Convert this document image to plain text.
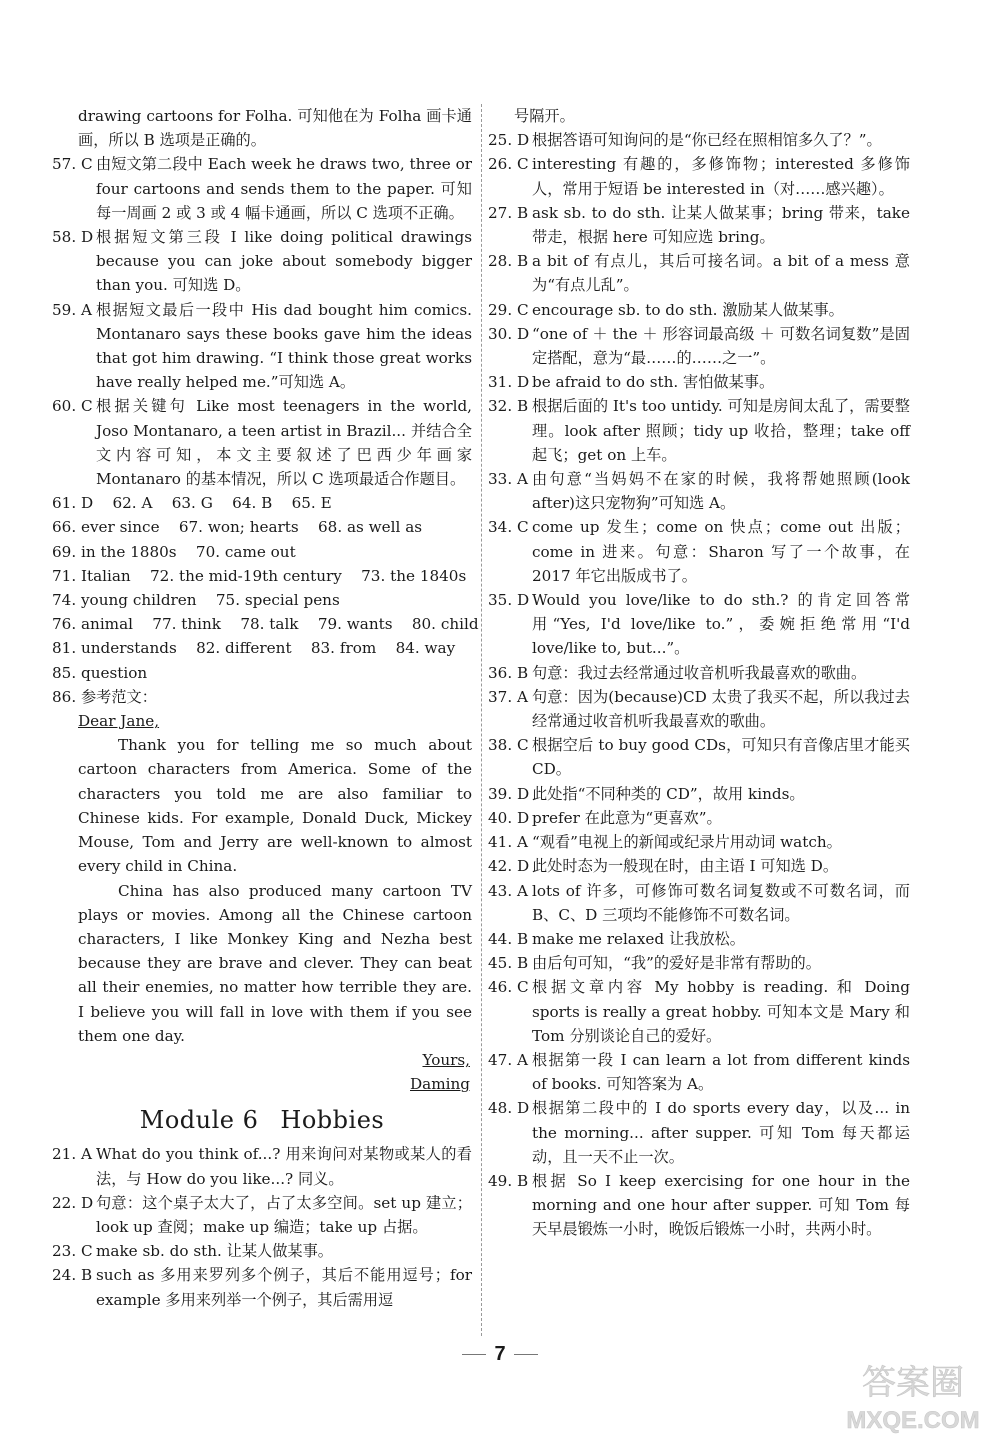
drawing cartoons for Folha. 可知他在为 Folha 画卡通画，所以 B 选项是正确的。
57. C 由短文第二段中 Each week he draws two, three or four cartoons and sends them to the paper. 可知每一周画 2 或 3 或 4 幅卡通画，所以 C 选项不正确。
58. D 根据短文第三段 I like doing political drawings because you can joke about somebody bigger than you. 可知选 D。
59. A 根据短文最后一段中 His dad bought him comics. Montanaro says these books gave him the ideas that got him drawing. “I think those great works have really helped me.”可知选 A。
60. C 根据关键句 Like most teenagers in the world, Joso Montanaro, a teen artist in Brazil... 并结合全文内容可知，本文主要叙述了巴西少年画家 Montanaro 的基本情况，所以 C 选项最适合作题目。
61. D    62. A    63. G    64. B    65. E
66. ever since    67. won; hearts    68. as well as
69. in the 1880s    70. came out
71. Italian    72. the mid-19th century    73. the 1840s
74. young children    75. special pens
76. animal    77. think    78. talk    79. wants    80. child
81. understands    82. different    83. from    84. way
85. question
86. 参考范文：
Dear Jane,
Thank you for telling me so much about cartoon characters from America. Some of the characters you told me are also familiar to Chinese kids. For example, Donald Duck, Mickey Mouse, Tom and Jerry are well-known to almost every child in China.
China has also produced many cartoon TV plays or movies. Among all the Chinese cartoon characters, I like Monkey King and Nezha best because they are brave and clever. They can beat all their enemies, no matter how terrible they are. I believe you will fall in love with them if you see them one day.
Yours,
Daming
Module 6 Hobbies
21. A What do you think of...? 用来询问对某物或某人的看法，与 How do you like...? 同义。
22. D 句意：这个桌子太大了，占了太多空间。set up 建立；look up 查阅；make up 编造；take up 占据。
23. C make sb. do sth. 让某人做某事。
24. B such as 多用来罗列多个例子，其后不能用逗号；for example 多用来列举一个例子，其后需用逗
号隔开。
25. D 根据答语可知询问的是“你已经在照相馆多久了？”。
26. C interesting 有趣的，多修饰物；interested 多修饰人，常用于短语 be interested in（对……感兴趣）。
27. B ask sb. to do sth. 让某人做某事；bring 带来，take 带走，根据 here 可知应选 bring。
28. B a bit of 有点儿，其后可接名词。a bit of a mess 意为“有点儿乱”。
29. C encourage sb. to do sth. 激励某人做某事。
30. D “one of ＋ the ＋ 形容词最高级 ＋ 可数名词复数”是固定搭配，意为“最……的……之一”。
31. D be afraid to do sth. 害怕做某事。
32. B 根据后面的 It's too untidy. 可知是房间太乱了，需要整理。look after 照顾；tidy up 收拾，整理；take off 起飞；get on 上车。
33. A 由句意“当妈妈不在家的时候，我将帮她照顾(look after)这只宠物狗”可知选 A。
34. C come up 发生；come on 快点；come out 出版；come in 进来。句意：Sharon 写了一个故事，在 2017 年它出版成书了。
35. D Would you love/like to do sth.? 的肯定回答常用“Yes, I'd love/like to.”，委婉拒绝常用“I'd love/like to, but...”。
36. B 句意：我过去经常通过收音机听我最喜欢的歌曲。
37. A 句意：因为(because)CD 太贵了我买不起，所以我过去经常通过收音机听我最喜欢的歌曲。
38. C 根据空后 to buy good CDs，可知只有音像店里才能买 CD。
39. D 此处指“不同种类的 CD”，故用 kinds。
40. D prefer 在此意为“更喜欢”。
41. A “观看”电视上的新闻或纪录片用动词 watch。
42. D 此处时态为一般现在时，由主语 I 可知选 D。
43. A lots of 许多，可修饰可数名词复数或不可数名词，而 B、C、D 三项均不能修饰不可数名词。
44. B make me relaxed 让我放松。
45. B 由后句可知，“我”的爱好是非常有帮助的。
46. C 根据文章内容 My hobby is reading. 和 Doing sports is really a great hobby. 可知本文是 Mary 和 Tom 分别谈论自己的爱好。
47. A 根据第一段 I can learn a lot from different kinds of books. 可知答案为 A。
48. D 根据第二段中的 I do sports every day，以及... in the morning... after supper. 可知 Tom 每天都运动，且一天不止一次。
49. B 根据 So I keep exercising for one hour in the morning and one hour after supper. 可知 Tom 每天早晨锻炼一小时，晚饭后锻炼一小时，共两小时。
7
答案圈
MXQE.COM
